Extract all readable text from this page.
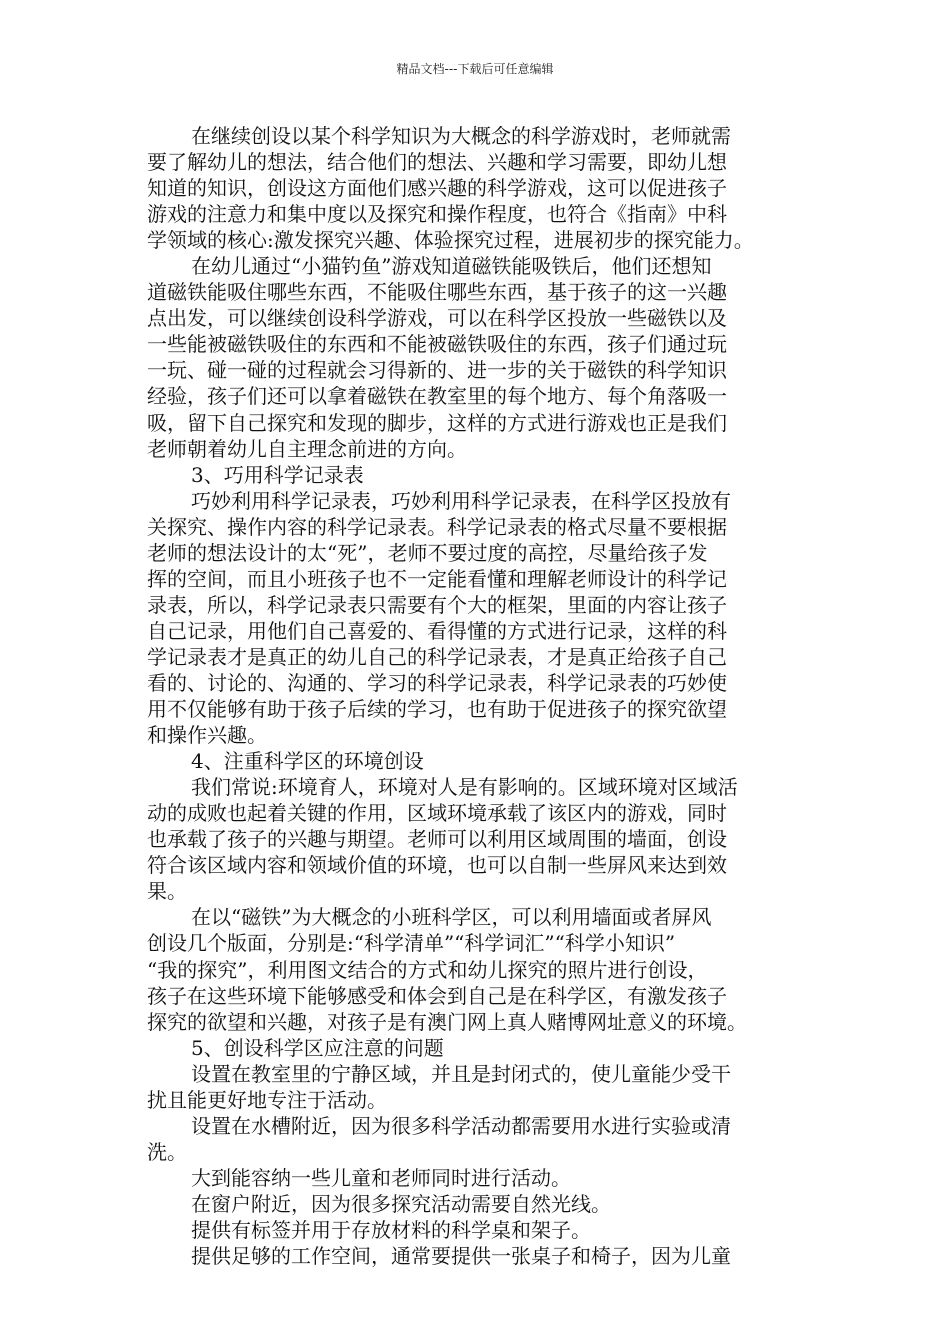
精品文档---下载后可任意编辑
在继续创设以某个科学知识为大概念的科学游戏时，老师就需
要了解幼儿的想法，结合他们的想法、兴趣和学习需要，即幼儿想
知道的知识，创设这方面他们感兴趣的科学游戏，这可以促进孩子
游戏的注意力和集中度以及探究和操作程度，也符合《指南》中科
学领域的核心:激发探究兴趣、体验探究过程，进展初步的探究能力。
在幼儿通过“小猫钓鱼”游戏知道磁铁能吸铁后，他们还想知
道磁铁能吸住哪些东西，不能吸住哪些东西，基于孩子的这一兴趣
点出发，可以继续创设科学游戏，可以在科学区投放一些磁铁以及
一些能被磁铁吸住的东西和不能被磁铁吸住的东西，孩子们通过玩
一玩、碰一碰的过程就会习得新的、进一步的关于磁铁的科学知识
经验，孩子们还可以拿着磁铁在教室里的每个地方、每个角落吸一
吸，留下自己探究和发现的脚步，这样的方式进行游戏也正是我们
老师朝着幼儿自主理念前进的方向。
3、巧用科学记录表
巧妙利用科学记录表，巧妙利用科学记录表，在科学区投放有
关探究、操作内容的科学记录表。科学记录表的格式尽量不要根据
老师的想法设计的太“死”，老师不要过度的高控，尽量给孩子发
挥的空间，而且小班孩子也不一定能看懂和理解老师设计的科学记
录表，所以，科学记录表只需要有个大的框架，里面的内容让孩子
自己记录，用他们自己喜爱的、看得懂的方式进行记录，这样的科
学记录表才是真正的幼儿自己的科学记录表，才是真正给孩子自己
看的、讨论的、沟通的、学习的科学记录表，科学记录表的巧妙使
用不仅能够有助于孩子后续的学习，也有助于促进孩子的探究欲望
和操作兴趣。
4、注重科学区的环境创设
我们常说:环境育人，环境对人是有影响的。区域环境对区域活
动的成败也起着关键的作用，区域环境承载了该区内的游戏，同时
也承载了孩子的兴趣与期望。老师可以利用区域周围的墙面，创设
符合该区域内容和领域价值的环境，也可以自制一些屏风来达到效
果。
在以“磁铁”为大概念的小班科学区，可以利用墙面或者屏风
创设几个版面，分别是:“科学清单”“科学词汇”“科学小知识”
“我的探究”，利用图文结合的方式和幼儿探究的照片进行创设，
孩子在这些环境下能够感受和体会到自己是在科学区，有激发孩子
探究的欲望和兴趣，对孩子是有澳门网上真人赌博网址意义的环境。
5、创设科学区应注意的问题
设置在教室里的宁静区域，并且是封闭式的，使儿童能少受干
扰且能更好地专注于活动。
设置在水槽附近，因为很多科学活动都需要用水进行实验或清
洗。
大到能容纳一些儿童和老师同时进行活动。
在窗户附近，因为很多探究活动需要自然光线。
提供有标签并用于存放材料的科学桌和架子。
提供足够的工作空间，通常要提供一张桌子和椅子，因为儿童
